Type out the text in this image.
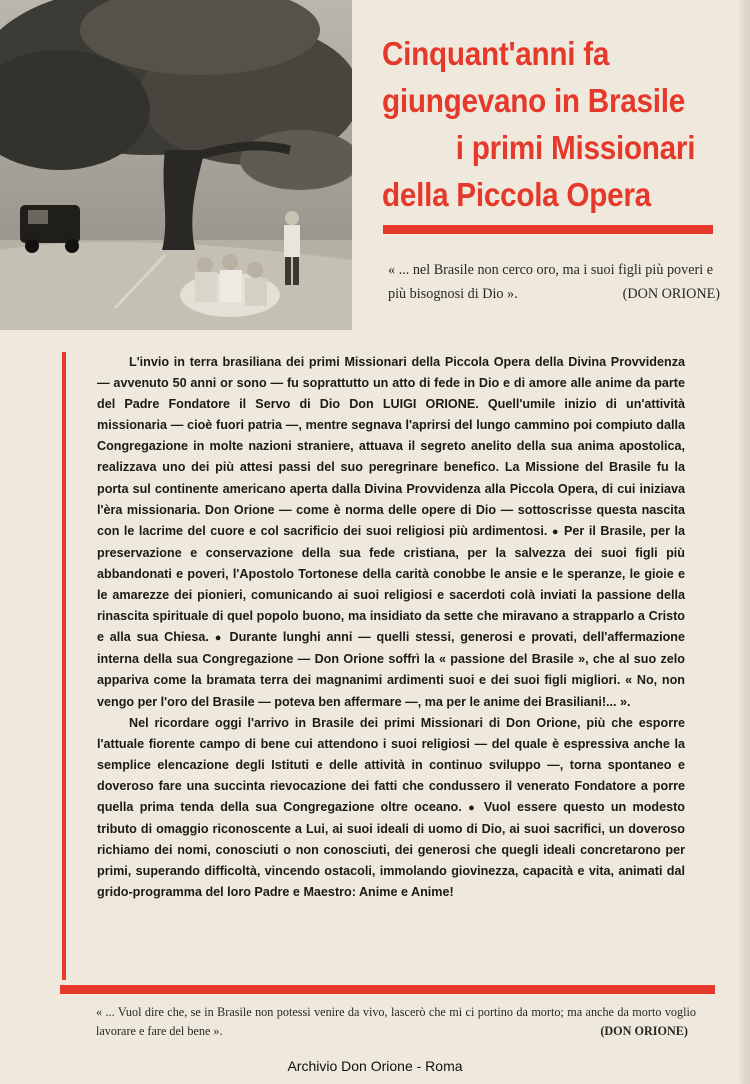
Cinquant'anni fa
giungevano in Brasile
i primi Missionari
della Piccola Opera
« ... nel Brasile non cerco oro, ma i suoi figli più poveri e più bisognosi di Dio ».	(DON ORIONE)

L'invio in terra brasiliana dei primi Missionari della Piccola Opera della Divina Provvidenza — avvenuto 50 anni or sono — fu soprattutto un atto di fede in Dio e di amore alle anime da parte del Padre Fondatore il Servo di Dio Don LUIGI ORIONE. Quell'umile inizio di un'attività missionaria — cioè fuori patria —, mentre segnava l'aprirsi del lungo cammino poi compiuto dalla Congregazione in molte nazioni straniere, attuava il segreto anelito della sua anima apostolica, realizzava uno dei più attesi passi del suo peregrinare benefico. La Missione del Brasile fu la porta sul continente americano aperta dalla Divina Provvidenza alla Piccola Opera, di cui iniziava l'èra missionaria. Don Orione — come è norma delle opere di Dio — sottoscrisse questa nascita con le lacrime del cuore e col sacrificio dei suoi religiosi più ardimentosi. ● Per il Brasile, per la preservazione e conservazione della sua fede cristiana, per la salvezza dei suoi figli più abbandonati e poveri, l'Apostolo Tortonese della carità conobbe le ansie e le speranze, le gioie e le amarezze dei pionieri, comunicando ai suoi religiosi e sacerdoti colà inviati la passione della rinascita spirituale di quel popolo buono, ma insidiato da sette che miravano a strapparlo a Cristo e alla sua Chiesa. ● Durante lunghi anni — quelli stessi, generosi e provati, dell'affermazione interna della sua Congregazione — Don Orione soffrì la « passione del Brasile », che al suo zelo appariva come la bramata terra dei magnanimi ardimenti suoi e dei suoi figli migliori. « No, non vengo per l'oro del Brasile — poteva ben affermare —, ma per le anime dei Brasiliani!... ».

Nel ricordare oggi l'arrivo in Brasile dei primi Missionari di Don Orione, più che esporre l'attuale fiorente campo di bene cui attendono i suoi religiosi — del quale è espressiva anche la semplice elencazione degli Istituti e delle attività in continuo sviluppo —, torna spontaneo e doveroso fare una succinta rievocazione dei fatti che condussero il venerato Fondatore a porre quella prima tenda della sua Congregazione oltre oceano. ● Vuol essere questo un modesto tributo di omaggio riconoscente a Lui, ai suoi ideali di uomo di Dio, ai suoi sacrifici, un doveroso richiamo dei nomi, conosciuti o non conosciuti, dei generosi che quegli ideali concretarono per primi, superando difficoltà, vincendo ostacoli, immolando giovinezza, capacità e vita, animati dal grido-programma del loro Padre e Maestro: Anime e Anime!

« ... Vuol dire che, se in Brasile non potessi venire da vivo, lascerò che mi ci portino da morto; ma anche da morto voglio lavorare e fare del bene ».	(DON ORIONE)
Archivio Don Orione - Roma
